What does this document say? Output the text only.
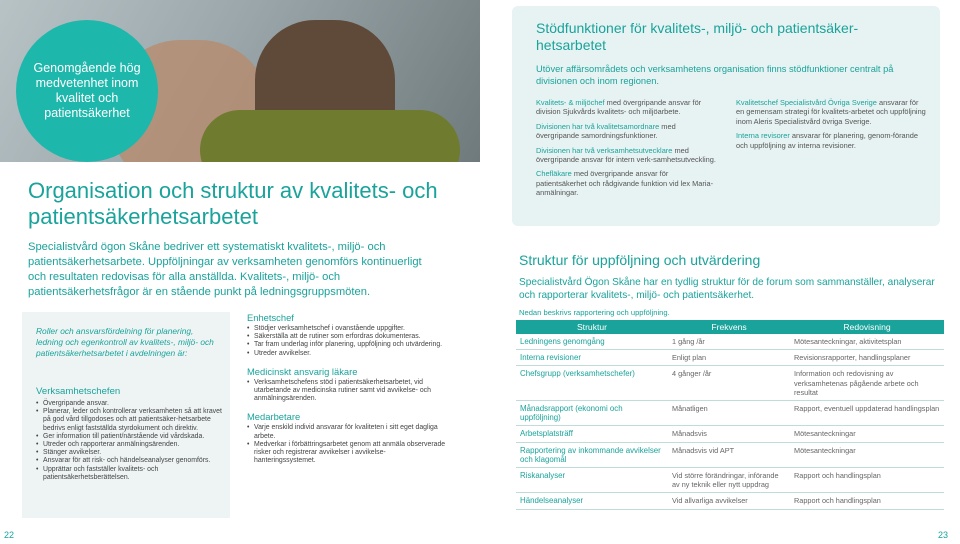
Genomgående hög medvetenhet inom kvalitet och patientsäkerhet
Organisation och struktur av kvalitets- och patientsäkerhetsarbetet
Specialistvård ögon Skåne bedriver ett systematiskt kvalitets-, miljö- och patientsäkerhetsarbete. Uppföljningar av verksamheten genomförs kontinuerligt och resultaten redovisas för alla anställda. Kvalitets-, miljö- och patientsäkerhetsfrågor är en stående punkt på ledningsgruppsmöten.
Roller och ansvarsfördelning för planering, ledning och egenkontroll av kvalitets-, miljö- och patientsäkerhetsarbetet i avdelningen är:
Verksamhetschefen
• Övergripande ansvar.
• Planerar, leder och kontrollerar verksamheten så att kravet på god vård tillgodoses och att patientsäker-hetsarbete bedrivs enligt fastställda styrdokument och direktiv.
• Ger information till patient/närstående vid vårdskada.
• Utreder och rapporterar anmälningsärenden.
• Stänger avvikelser.
• Ansvarar för att risk- och händelseanalyser genomförs.
• Upprättar och fastställer kvalitets- och patientsäkerhetsberättelsen.
Enhetschef
• Stödjer verksamhetschef i ovanstående uppgifter.
• Säkerställa att de rutiner som erfordras dokumenteras.
• Tar fram underlag inför planering, uppföljning och utvärdering.
• Utreder avvikelser.
Medicinskt ansvarig läkare
• Verksamhetschefens stöd i patientsäkerhetsarbetet, vid utarbetande av medicinska rutiner samt vid avvikelse- och anmälningsärenden.
Medarbetare
• Varje enskild individ ansvarar för kvaliteten i sitt eget dagliga arbete.
• Medverkar i förbättringsarbetet genom att anmäla observerade risker och registrerar avvikelser i avvikelse-hanteringssystemet.
Stödfunktioner för kvalitets-, miljö- och patientsäker-hetsarbetet
Utöver affärsområdets och verksamhetens organisation finns stödfunktioner centralt på divisionen och inom regionen.
Kvalitets- & miljöchef med övergripande ansvar för division Sjukvårds kvalitets- och miljöarbete.
Divisionen har två kvalitetsamordnare med övergripande samordningsfunktioner.
Divisionen har två verksamhetsutvecklare med övergripande ansvar för intern verk-samhetsutveckling.
Chefläkare med övergripande ansvar för patientsäkerhet och rådgivande funktion vid lex Maria- anmälningar.
Kvalitetschef Specialistvård Övriga Sverige ansvarar för en gemensam strategi för kvalitets-arbetet och uppföljning inom Aleris Specialistvård övriga Sverige.
Interna revisorer ansvarar för planering, genom-förande och uppföljning av interna revisioner.
Struktur för uppföljning och utvärdering
Specialistvård Ögon Skåne har en tydlig struktur för de forum som sammanställer, analyserar och rapporterar kvalitets-, miljö- och patientsäkerhet.
Nedan beskrivs rapportering och uppföljning.
Struktur	Frekvens	Redovisning
Ledningens genomgång	1 gång /år	Mötesanteckningar, aktivitetsplan
Interna revisioner	Enligt plan	Revisionsrapporter, handlingsplaner
Chefsgrupp (verksamhetschefer)	4 gånger /år	Information och redovisning av verksamhetenas pågående arbete och resultat
Månadsrapport (ekonomi och uppföljning)	Månatligen	Rapport, eventuell uppdaterad handlingsplan
Arbetsplatsträff	Månadsvis	Mötesanteckningar
Rapportering av inkommande avvikelser och klagomål	Månadsvis vid APT	Mötesanteckningar
Riskanalyser	Vid större förändringar, införande av ny teknik eller nytt uppdrag	Rapport och handlingsplan
Händelseanalyser	Vid allvarliga avvikelser	Rapport och handlingsplan
22	23
